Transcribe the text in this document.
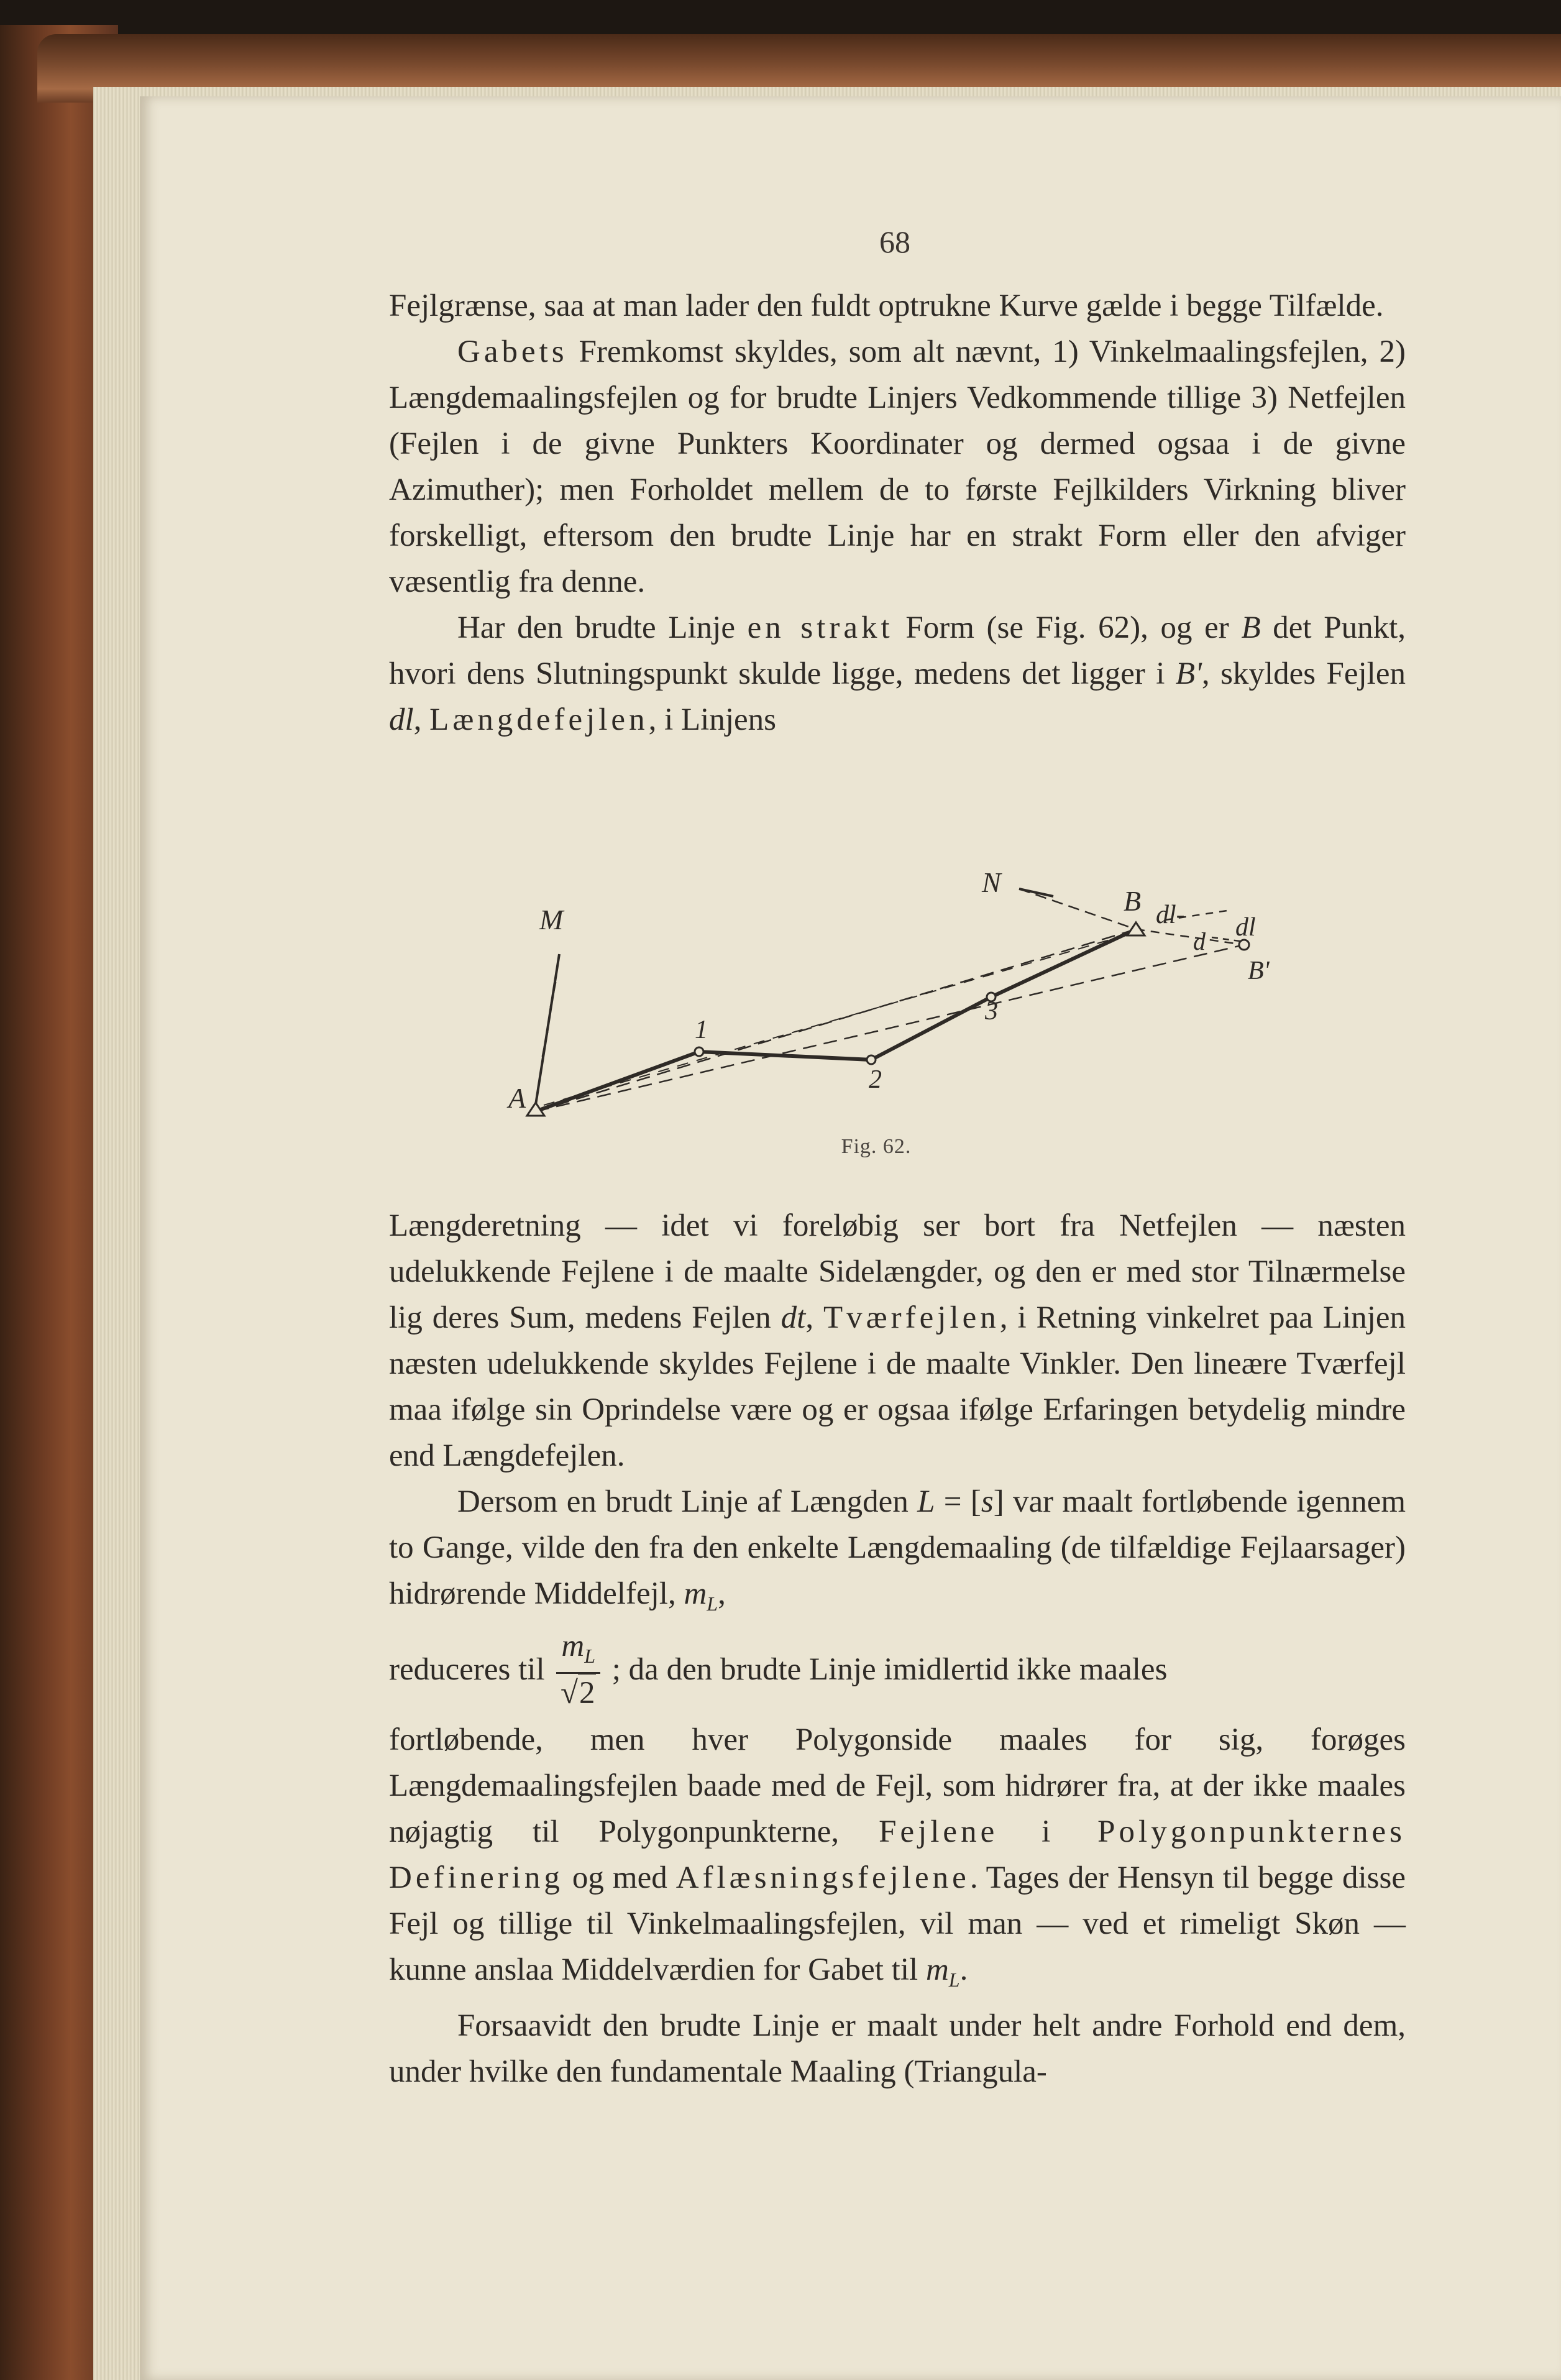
68

Fejlgrænse, saa at man lader den fuldt optrukne Kurve gælde i begge Tilfælde.

Gabets Fremkomst skyldes, som alt nævnt, 1) Vinkelmaalingsfejlen, 2) Længdemaalingsfejlen og for brudte Linjers Vedkommende tillige 3) Netfejlen (Fejlen i de givne Punkters Koordinater og dermed ogsaa i de givne Azimuther); men Forholdet mellem de to første Fejlkilders Virkning bliver forskelligt, eftersom den brudte Linje har en strakt Form eller den afviger væsentlig fra denne.

Har den brudte Linje en strakt Form (se Fig. 62), og er B det Punkt, hvori dens Slutningspunkt skulde ligge, medens det ligger i B', skyldes Fejlen dl, Længdefejlen, i Linjens

M
N
A
B
B'
1
2
3
dl- dl
d
Fig. 62.

Længderetning — idet vi foreløbig ser bort fra Netfejlen — næsten udelukkende Fejlene i de maalte Sidelængder, og den er med stor Tilnærmelse lig deres Sum, medens Fejlen dt, Tværfejlen, i Retning vinkelret paa Linjen næsten udelukkende skyldes Fejlene i de maalte Vinkler. Den lineære Tværfejl maa ifølge sin Oprindelse være og er ogsaa ifølge Erfaringen betydelig mindre end Længdefejlen.

Dersom en brudt Linje af Længden L = [s] var maalt fortløbende igennem to Gange, vilde den fra den enkelte Længdemaaling (de tilfældige Fejlaarsager) hidrørende Middelfejl, $m_L$,

reduceres til $\frac{m_L}{√2}$ ; da den brudte Linje imidlertid ikke maales

fortløbende, men hver Polygonside maales for sig, forøges Længdemaalingsfejlen baade med de Fejl, som hidrører fra, at der ikke maales nøjagtig til Polygonpunkterne, Fejlene i Polygonpunkternes Definering og med Aflæsningsfejlene. Tages der Hensyn til begge disse Fejl og tillige til Vinkelmaalingsfejlen, vil man — ved et rimeligt Skøn — kunne anslaa Middelværdien for Gabet til $m_L$.

Forsaavidt den brudte Linje er maalt under helt andre Forhold end dem, under hvilke den fundamentale Maaling (Triangula-
